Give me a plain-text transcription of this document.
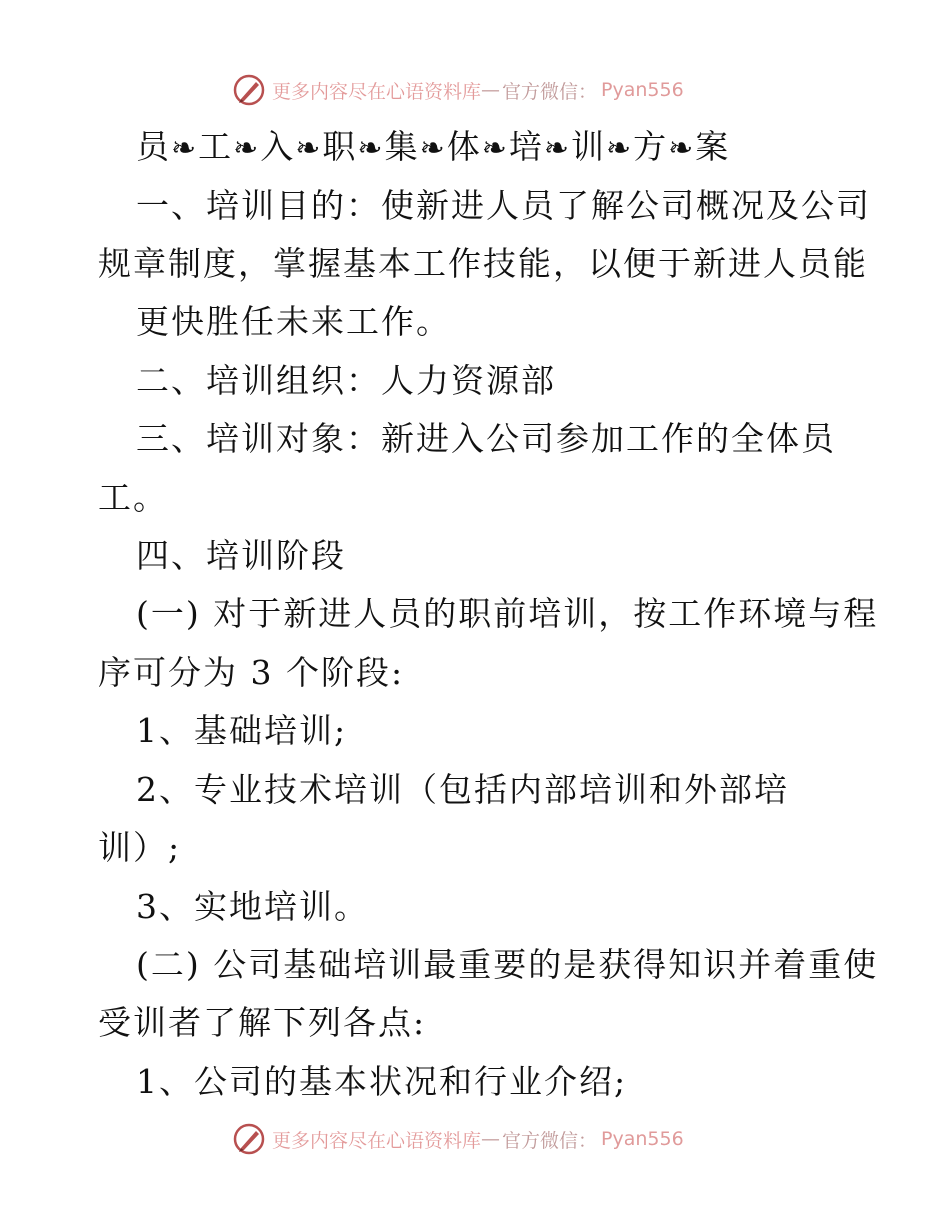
更多内容尽在心语资料库 — 官方微信： Pyan556
员❧工❧入❧职❧集❧体❧培❧训❧方❧案
一、培训目的：使新进人员了解公司概况及公司
规章制度，掌握基本工作技能，以便于新进人员能
更快胜任未来工作。
二、培训组织：人力资源部
三、培训对象：新进入公司参加工作的全体员
工。
四、培训阶段
(一) 对于新进人员的职前培训，按工作环境与程
序可分为 3 个阶段:
1、基础培训;
2、专业技术培训（包括内部培训和外部培
训）;
3、实地培训。
(二) 公司基础培训最重要的是获得知识并着重使
受训者了解下列各点:
1、公司的基本状况和行业介绍;
更多内容尽在心语资料库 — 官方微信： Pyan556
